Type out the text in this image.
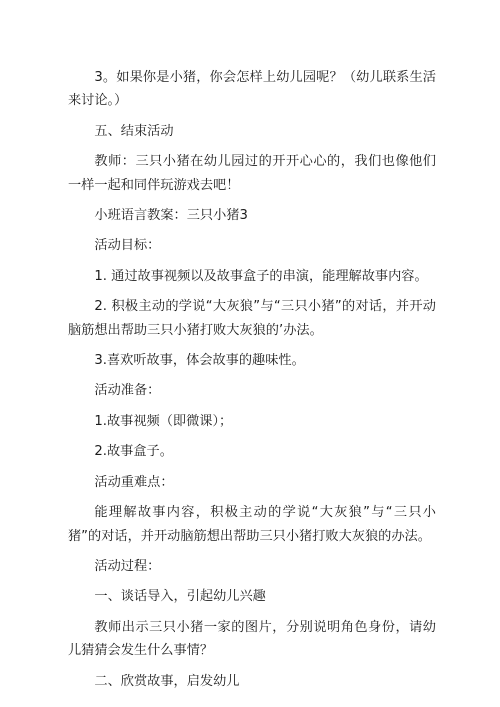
3。如果你是小猪，你会怎样上幼儿园呢？（幼儿联系生活来讨论。）

五、结束活动

教师：三只小猪在幼儿园过的开开心心的，我们也像他们一样一起和同伴玩游戏去吧！

小班语言教案：三只小猪3

活动目标：

1. 通过故事视频以及故事盒子的串演，能理解故事内容。

2. 积极主动的学说“大灰狼”与“三只小猪”的对话，并开动脑筋想出帮助三只小猪打败大灰狼的’办法。

3.喜欢听故事，体会故事的趣味性。

活动准备：

1.故事视频（即微课）；

2.故事盒子。

活动重难点：

能理解故事内容，积极主动的学说“大灰狼”与“三只小猪”的对话，并开动脑筋想出帮助三只小猪打败大灰狼的办法。

活动过程：

一、谈话导入，引起幼儿兴趣

教师出示三只小猪一家的图片，分别说明角色身份，请幼儿猜猜会发生什么事情？

二、欣赏故事，启发幼儿
